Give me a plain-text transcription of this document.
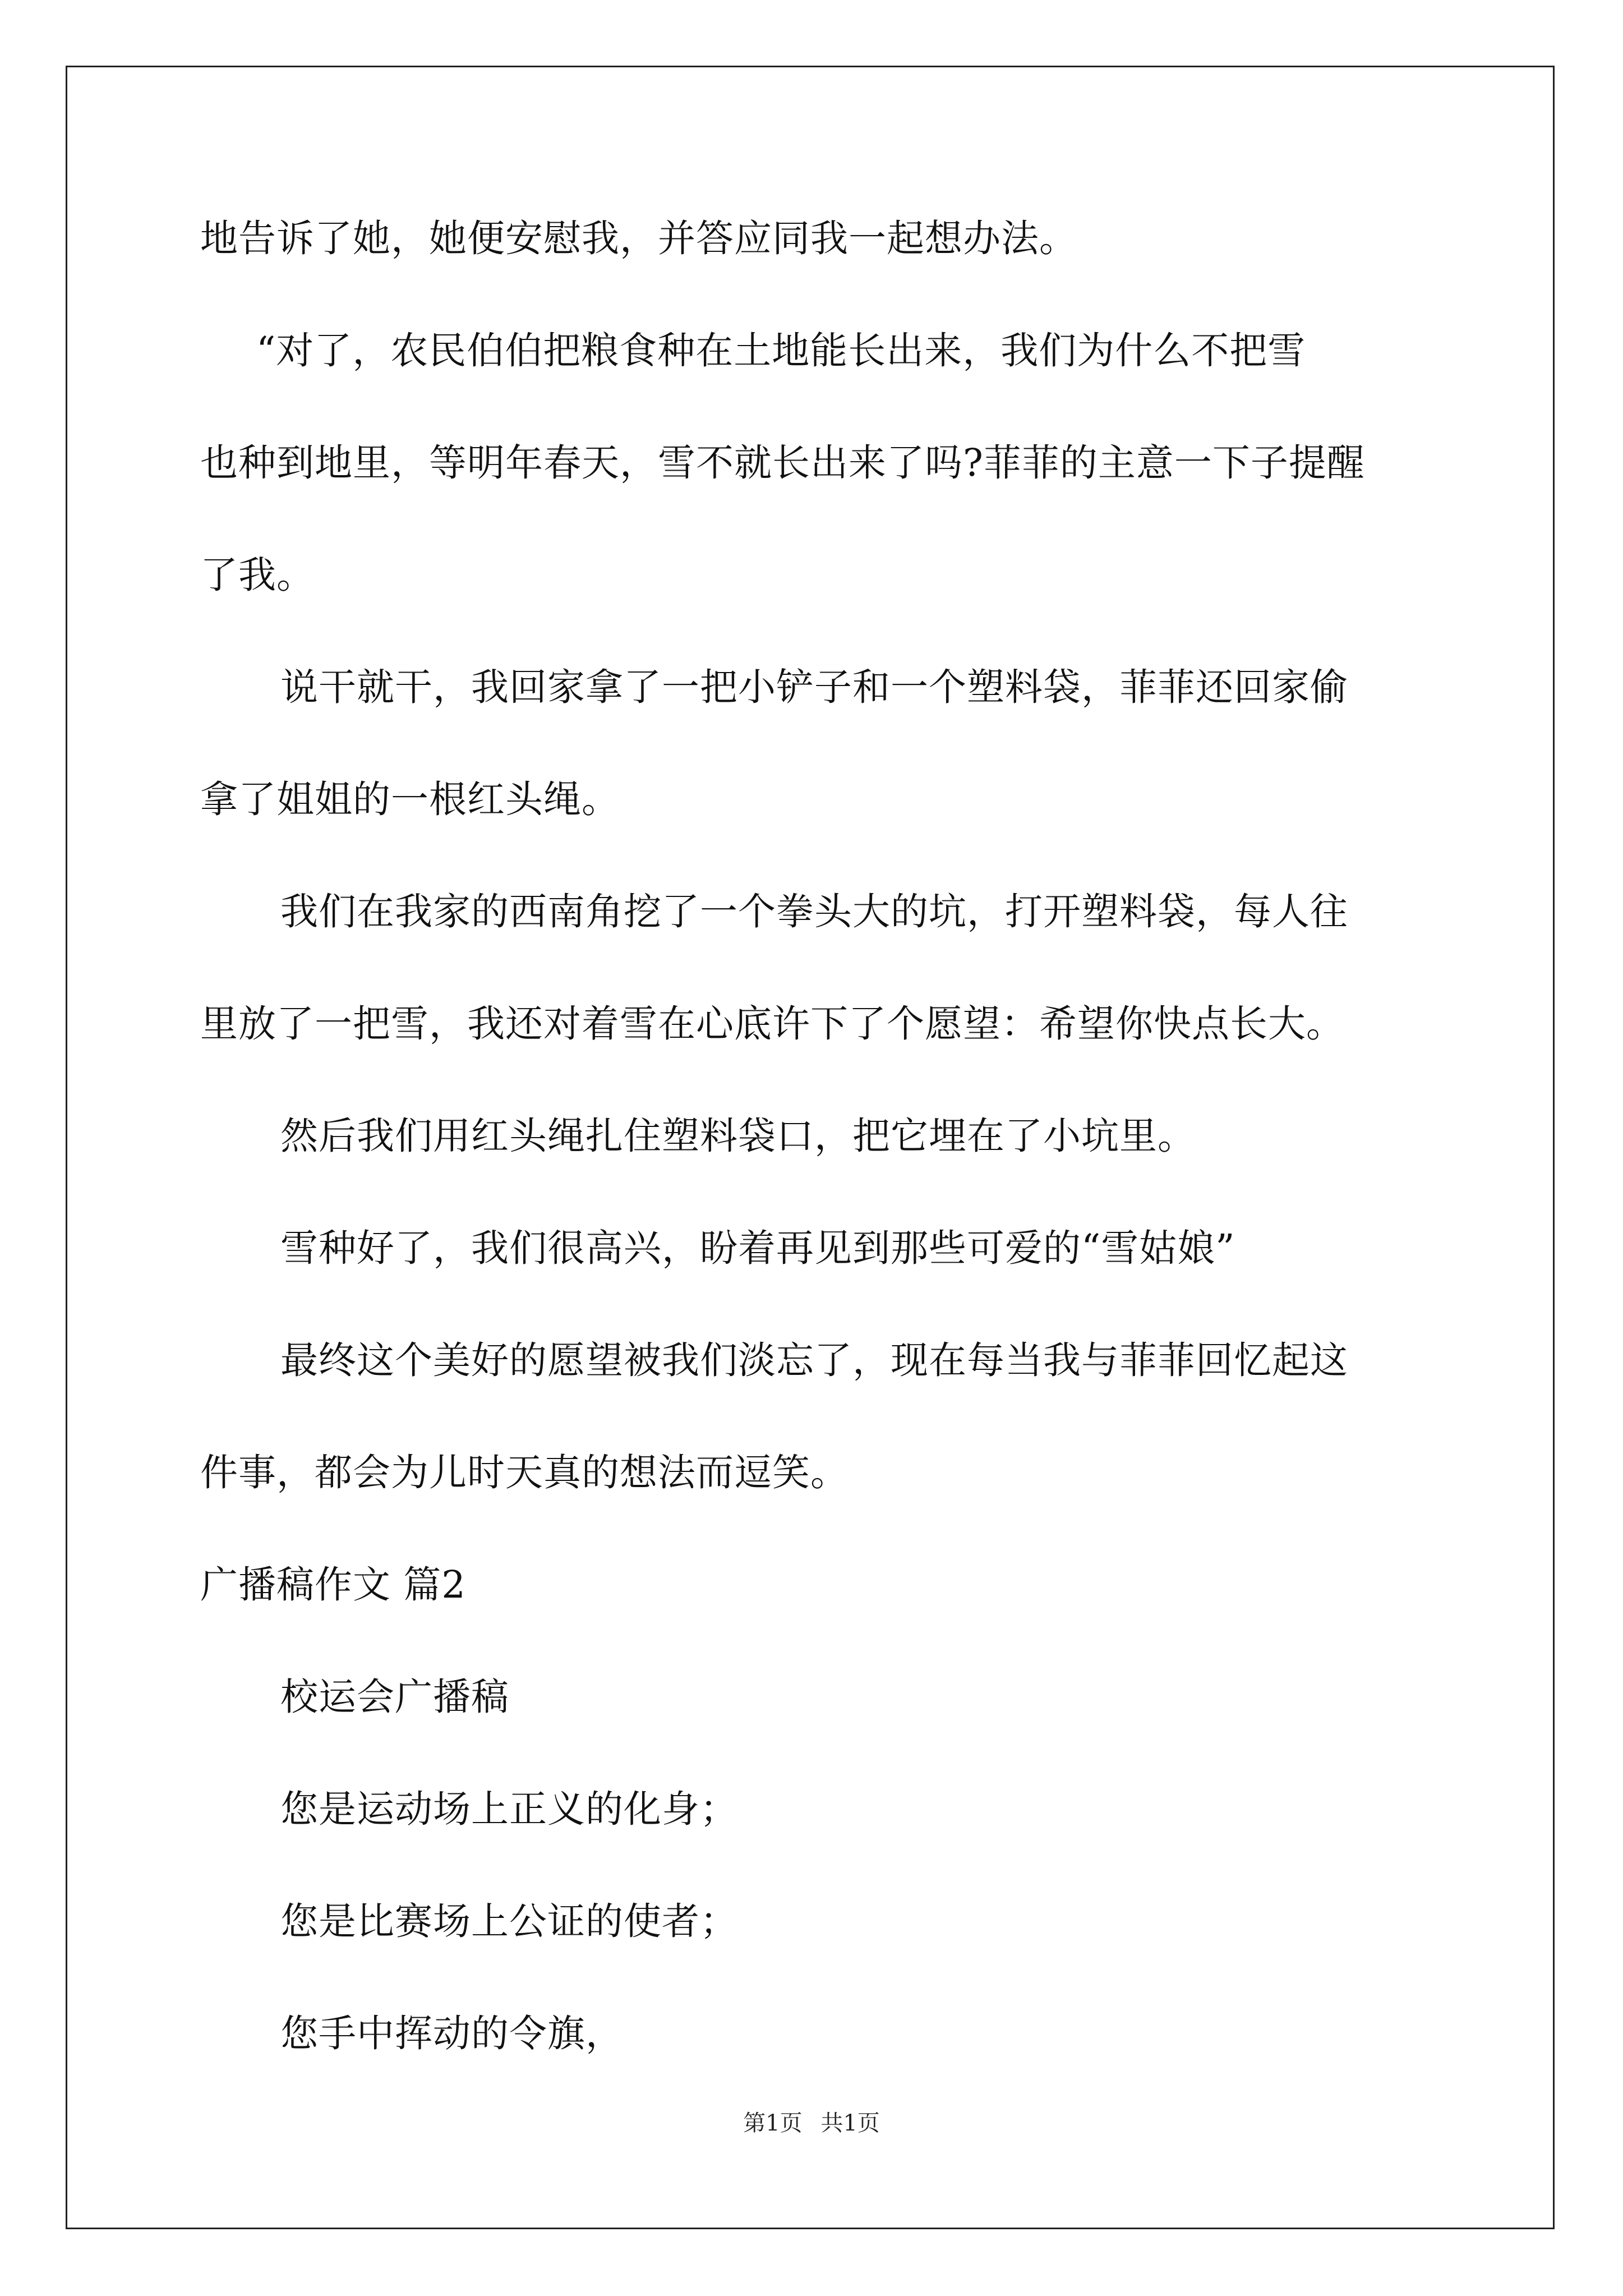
地告诉了她，她便安慰我，并答应同我一起想办法。
“对了，农民伯伯把粮食种在土地能长出来，我们为什么不把雪
也种到地里，等明年春天，雪不就长出来了吗?菲菲的主意一下子提醒
了我。
说干就干，我回家拿了一把小铲子和一个塑料袋，菲菲还回家偷
拿了姐姐的一根红头绳。
我们在我家的西南角挖了一个拳头大的坑，打开塑料袋，每人往
里放了一把雪，我还对着雪在心底许下了个愿望：希望你快点长大。
然后我们用红头绳扎住塑料袋口，把它埋在了小坑里。
雪种好了，我们很高兴，盼着再见到那些可爱的“雪姑娘”
最终这个美好的愿望被我们淡忘了，现在每当我与菲菲回忆起这
件事，都会为儿时天真的想法而逗笑。
广播稿作文 篇2
校运会广播稿
您是运动场上正义的化身；
您是比赛场上公证的使者；
您手中挥动的令旗，
第1页 共1页
